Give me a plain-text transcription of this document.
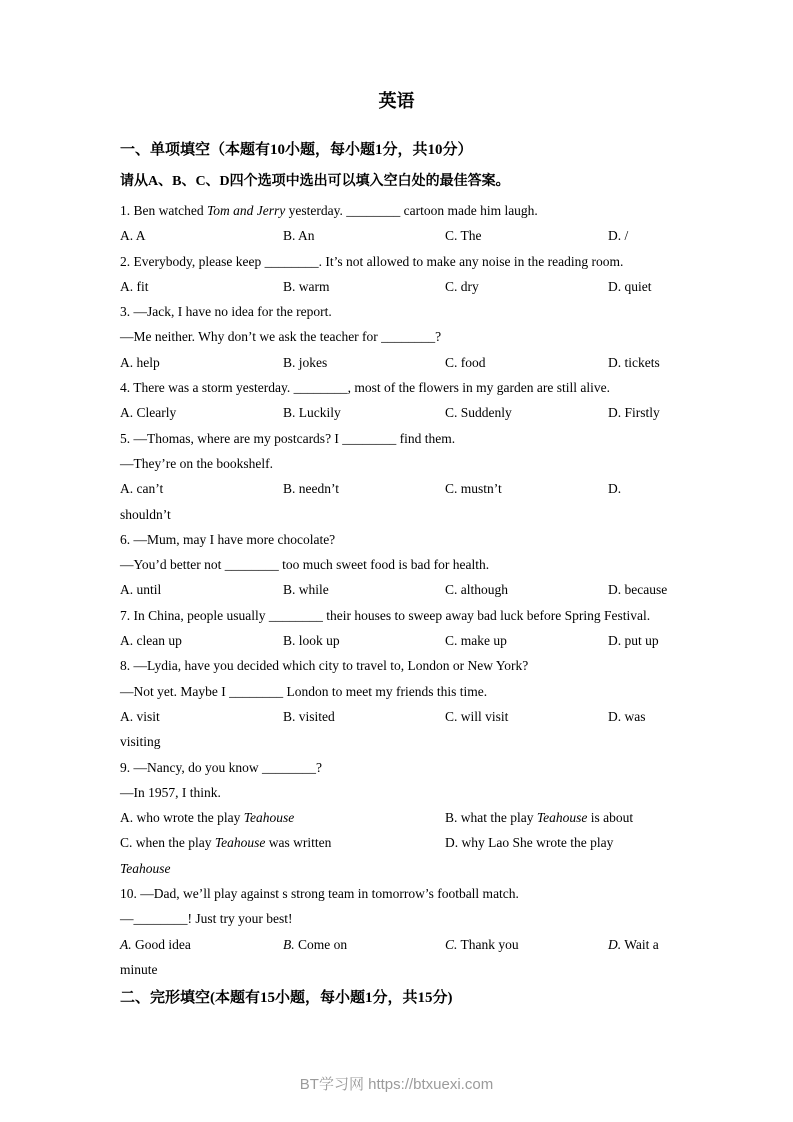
英语
一、单项填空（本题有10小题，每小题1分，共10分）
请从A、B、C、D四个选项中选出可以填入空白处的最佳答案。
1. Ben watched Tom and Jerry yesterday. ________ cartoon made him laugh.
A. A	B. An	C. The	D. /
2. Everybody, please keep ________. It’s not allowed to make any noise in the reading room.
A. fit	B. warm	C. dry	D. quiet
3. —Jack, I have no idea for the report.
—Me neither. Why don’t we ask the teacher for ________?
A. help	B. jokes	C. food	D. tickets
4. There was a storm yesterday. ________, most of the flowers in my garden are still alive.
A. Clearly	B. Luckily	C. Suddenly	D. Firstly
5. —Thomas, where are my postcards? I ________ find them.
—They’re on the bookshelf.
A. can’t	B. needn’t	C. mustn’t	D.
shouldn’t
6. —Mum, may I have more chocolate?
—You’d better not ________ too much sweet food is bad for health.
A. until	B. while	C. although	D. because
7. In China, people usually ________ their houses to sweep away bad luck before Spring Festival.
A. clean up	B. look up	C. make up	D. put up
8. —Lydia, have you decided which city to travel to, London or New York?
—Not yet. Maybe I ________ London to meet my friends this time.
A. visit	B. visited	C. will visit	D. was
visiting
9. —Nancy, do you know ________?
—In 1957, I think.
A. who wrote the play Teahouse	B. what the play Teahouse is about
C. when the play Teahouse was written	D. why Lao She wrote the play
Teahouse
10. —Dad, we’ll play against s strong team in tomorrow’s football match.
—________! Just try your best!
A. Good idea	B. Come on	C. Thank you	D. Wait a
minute
二、完形填空(本题有15小题，每小题1分，共15分)
BT学习网 https://btxuexi.com
